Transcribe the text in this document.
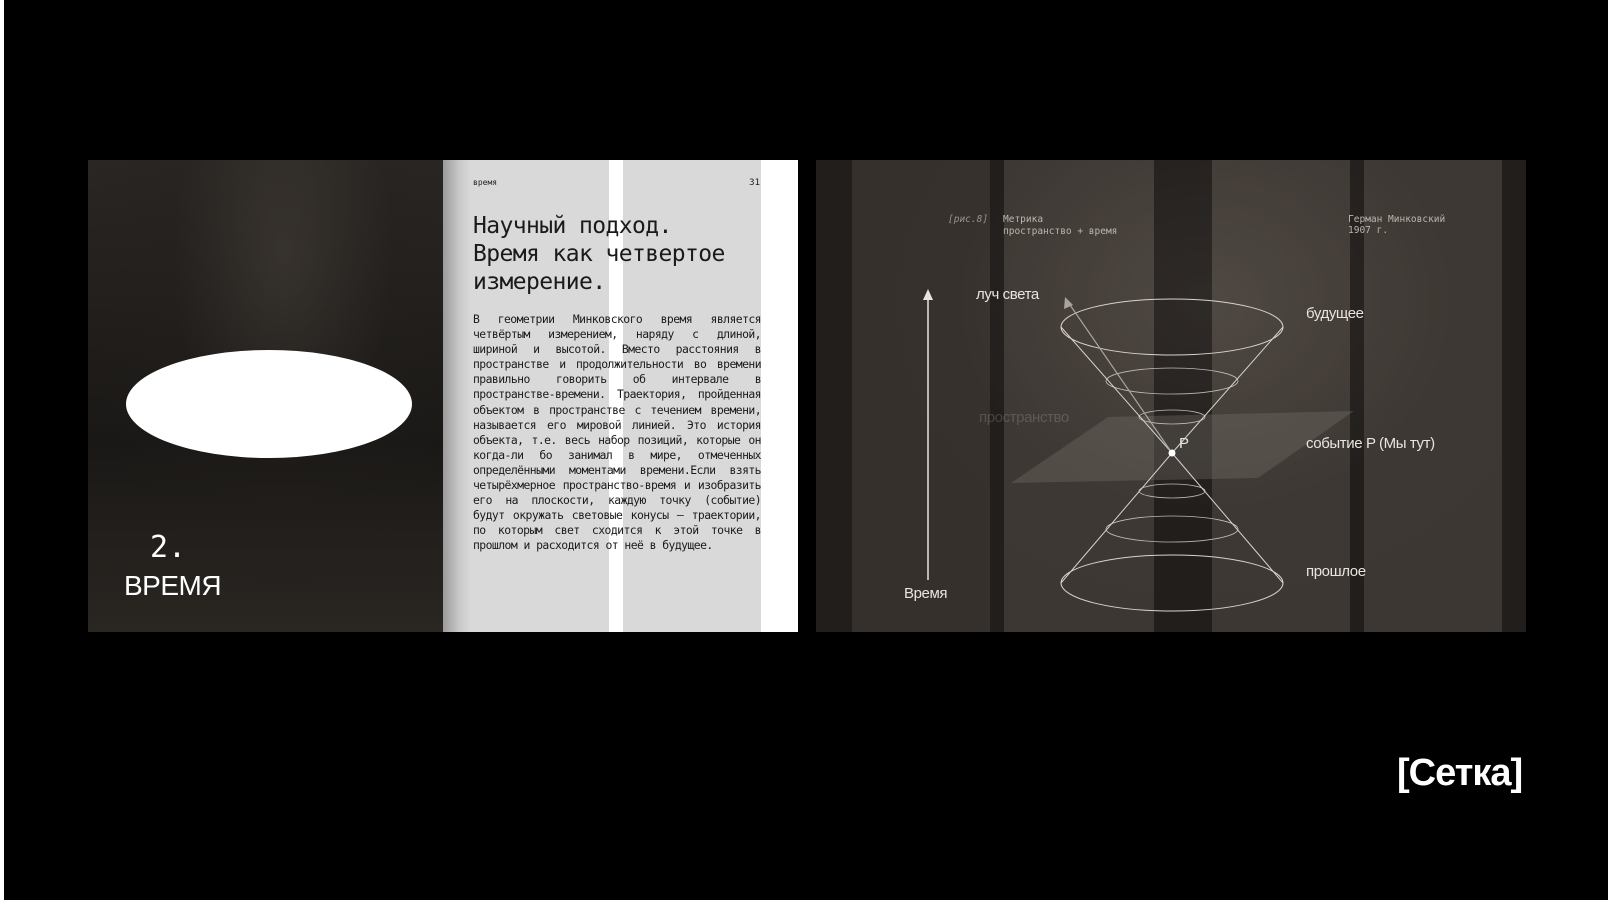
2.
ВРЕМЯ
время	31
Научный подход.
Время как четвертое
измерение.
В геометрии Минковского время является четвёртым измерением, наряду с длиной, шириной и высотой. Вместо расстояния в пространстве и продолжительности во времени правильно говорить об интервале в пространстве-времени. Траектория, пройденная объектом в пространстве с течением времени, называется его мировой линией. Это история объекта, т.е. весь набор позиций, которые он когда-ли бо занимал в мире, отмеченных определёнными моментами времени.Если взять четырёхмерное пространство-время и изобразить его на плоскости, каждую точку (событие) будут окружать световые конусы — траектории, по которым свет сходится к этой точке в прошлом и расходится от неё в будущее.
[рис.8] Метрика
пространство + время
Герман Минковский
1907 г.
луч света
будущее
пространство
P	событие P (Мы тут)
прошлое
Время
[Сетка]
